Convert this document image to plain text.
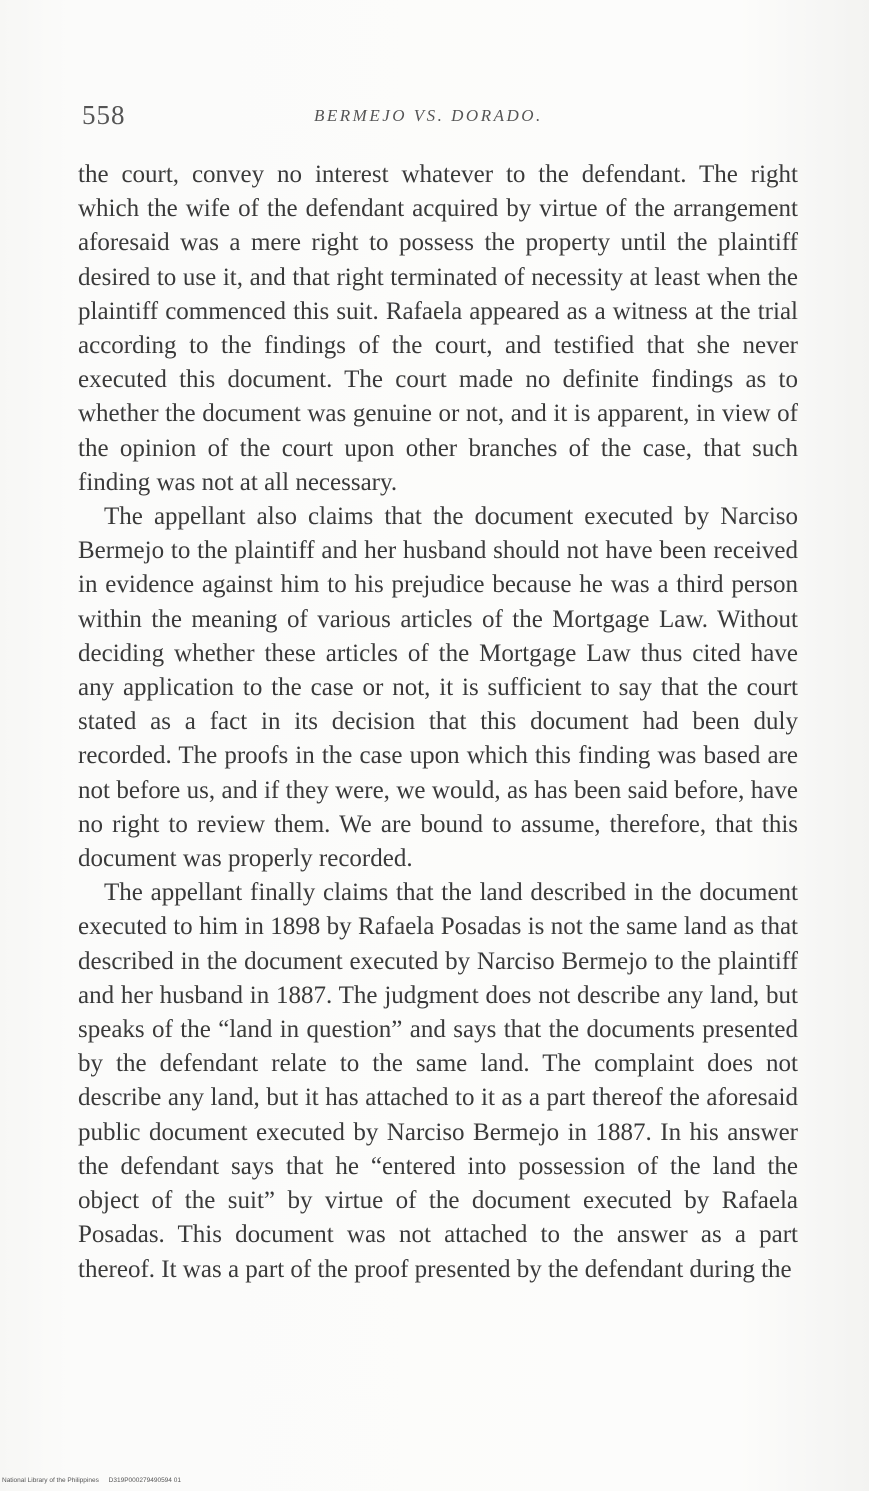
558	BERMEJO VS. DORADO.

the court, convey no interest whatever to the defendant. The right which the wife of the defendant acquired by virtue of the arrangement aforesaid was a mere right to possess the property until the plaintiff desired to use it, and that right terminated of necessity at least when the plaintiff commenced this suit. Rafaela appeared as a witness at the trial according to the findings of the court, and testified that she never executed this document. The court made no definite findings as to whether the document was genuine or not, and it is apparent, in view of the opinion of the court upon other branches of the case, that such finding was not at all necessary.

The appellant also claims that the document executed by Narciso Bermejo to the plaintiff and her husband should not have been received in evidence against him to his prejudice because he was a third person within the meaning of various articles of the Mortgage Law. Without deciding whether these articles of the Mortgage Law thus cited have any application to the case or not, it is sufficient to say that the court stated as a fact in its decision that this document had been duly recorded. The proofs in the case upon which this finding was based are not before us, and if they were, we would, as has been said before, have no right to review them. We are bound to assume, therefore, that this document was properly recorded.

The appellant finally claims that the land described in the document executed to him in 1898 by Rafaela Posadas is not the same land as that described in the document executed by Narciso Bermejo to the plaintiff and her husband in 1887. The judgment does not describe any land, but speaks of the “land in question” and says that the documents presented by the defendant relate to the same land. The complaint does not describe any land, but it has attached to it as a part thereof the aforesaid public document executed by Narciso Bermejo in 1887. In his answer the defendant says that he “entered into possession of the land the object of the suit” by virtue of the document executed by Rafaela Posadas. This document was not attached to the answer as a part thereof. It was a part of the proof presented by the defendant during the

National Library of the Philippines D319P000279490594 01
